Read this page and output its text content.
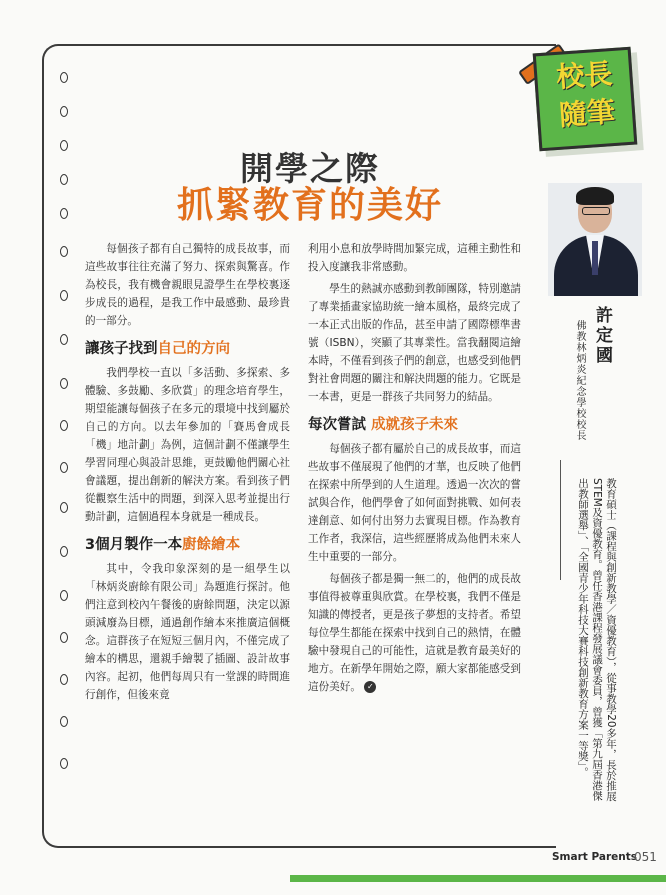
校長
隨筆
開學之際
抓緊教育的美好

每個孩子都有自己獨特的成長故事，而這些故事往往充滿了努力、探索與驚喜。作為校長，我有機會親眼見證學生在學校裏逐步成長的過程，是我工作中最感動、最珍貴的一部分。

讓孩子找到自己的方向

我們學校一直以「多活動、多探索、多體驗、多鼓勵、多欣賞」的理念培育學生，期望能讓每個孩子在多元的環境中找到屬於自己的方向。以去年參加的「賽馬會成長「機」地計劃」為例，這個計劃不僅讓學生學習同理心與設計思維，更鼓勵他們關心社會議題，提出創新的解決方案。看到孩子們從觀察生活中的問題，到深入思考並提出行動計劃，這個過程本身就是一種成長。

3個月製作一本廚餘繪本

其中，令我印象深刻的是一組學生以「林炳炎廚餘有限公司」為題進行探討。他們注意到校內午餐後的廚餘問題，決定以源頭減廢為目標，通過創作繪本來推廣這個概念。這群孩子在短短三個月內，不僅完成了繪本的構思，還親手繪製了插圖、設計故事內容。起初，他們每周只有一堂課的時間進行創作，但後來竟

利用小息和放學時間加緊完成，這種主動性和投入度讓我非常感動。

學生的熱誠亦感動到教師團隊，特別邀請了專業插畫家協助統一繪本風格，最終完成了一本正式出版的作品，甚至申請了國際標準書號（ISBN），突顯了其專業性。當我翻閱這繪本時，不僅看到孩子們的創意，也感受到他們對社會問題的關注和解決問題的能力。它既是一本書，更是一群孩子共同努力的結晶。

每次嘗試 成就孩子未來

每個孩子都有屬於自己的成長故事，而這些故事不僅展現了他們的才華，也反映了他們在探索中所學到的人生道理。透過一次次的嘗試與合作，他們學會了如何面對挑戰、如何表達創意、如何付出努力去實現目標。作為教育工作者，我深信，這些經歷將成為他們未來人生中重要的一部分。

每個孩子都是獨一無二的，他們的成長故事值得被尊重與欣賞。在學校裏，我們不僅是知識的傳授者，更是孩子夢想的支持者。希望每位學生都能在探索中找到自己的熱情，在體驗中發現自己的可能性，這就是教育最美好的地方。在新學年開始之際，願大家都能感受到這份美好。 ✓

許定國
佛教林炳炎紀念學校校長
教育碩士（課程與創新教學／資優教育），從事教學20多年，長於推展STEM及資優教育。曾任香港課程發展議會委員，曾獲「第九屆香港傑出教師選舉」、「全國青少年科技大賽科技創新教育方案一等獎」。
Smart Parents
051
